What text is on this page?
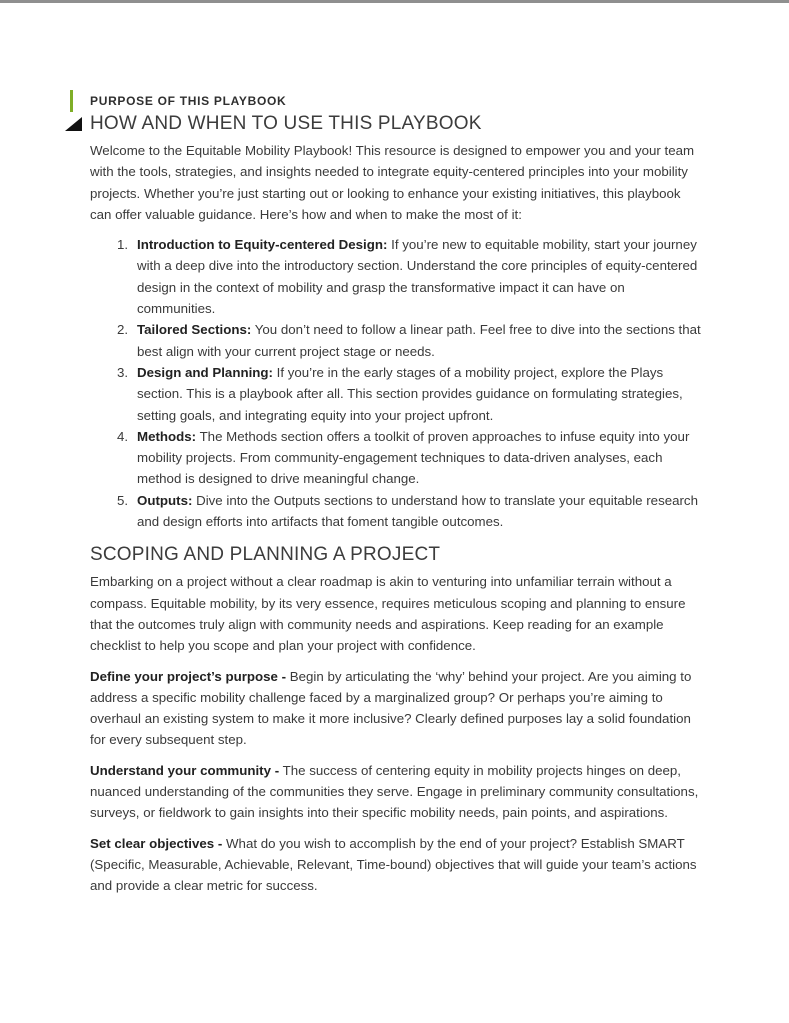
PURPOSE OF THIS PLAYBOOK
HOW AND WHEN TO USE THIS PLAYBOOK

Welcome to the Equitable Mobility Playbook! This resource is designed to empower you and your team with the tools, strategies, and insights needed to integrate equity-centered principles into your mobility projects. Whether you’re just starting out or looking to enhance your existing initiatives, this playbook can offer valuable guidance. Here’s how and when to make the most of it:

Introduction to Equity-centered Design: If you’re new to equitable mobility, start your journey with a deep dive into the introductory section. Understand the core principles of equity-centered design in the context of mobility and grasp the transformative impact it can have on communities.
Tailored Sections: You don’t need to follow a linear path. Feel free to dive into the sections that best align with your current project stage or needs.
Design and Planning: If you’re in the early stages of a mobility project, explore the Plays section. This is a playbook after all. This section provides guidance on formulating strategies, setting goals, and integrating equity into your project upfront.
Methods: The Methods section offers a toolkit of proven approaches to infuse equity into your mobility projects. From community-engagement techniques to data-driven analyses, each method is designed to drive meaningful change.
Outputs: Dive into the Outputs sections to understand how to translate your equitable research and design efforts into artifacts that foment tangible outcomes.
SCOPING AND PLANNING A PROJECT

Embarking on a project without a clear roadmap is akin to venturing into unfamiliar terrain without a compass. Equitable mobility, by its very essence, requires meticulous scoping and planning to ensure that the outcomes truly align with community needs and aspirations. Keep reading for an example checklist to help you scope and plan your project with confidence.

Define your project’s purpose - Begin by articulating the ‘why’ behind your project. Are you aiming to address a specific mobility challenge faced by a marginalized group? Or perhaps you’re aiming to overhaul an existing system to make it more inclusive? Clearly defined purposes lay a solid foundation for every subsequent step.

Understand your community - The success of centering equity in mobility projects hinges on deep, nuanced understanding of the communities they serve. Engage in preliminary community consultations, surveys, or fieldwork to gain insights into their specific mobility needs, pain points, and aspirations.

Set clear objectives - What do you wish to accomplish by the end of your project? Establish SMART (Specific, Measurable, Achievable, Relevant, Time-bound) objectives that will guide your team’s actions and provide a clear metric for success.
